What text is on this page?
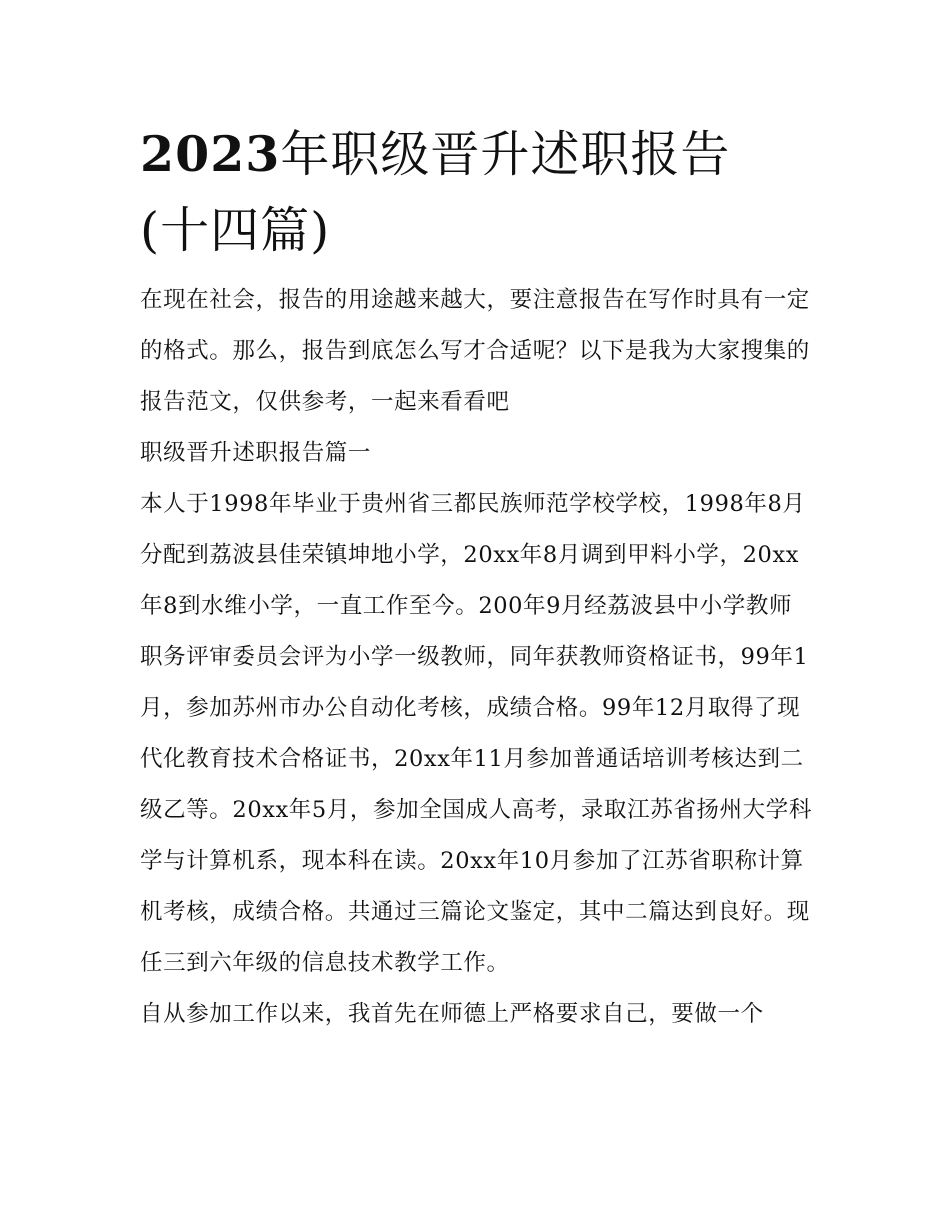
2023年职级晋升述职报告(十四篇)

在现在社会，报告的用途越来越大，要注意报告在写作时具有一定的格式。那么，报告到底怎么写才合适呢？以下是我为大家搜集的报告范文，仅供参考，一起来看看吧

职级晋升述职报告篇一

本人于1998年毕业于贵州省三都民族师范学校学校，1998年8月分配到荔波县佳荣镇坤地小学，20xx年8月调到甲料小学，20xx年8到水维小学，一直工作至今。200年9月经荔波县中小学教师职务评审委员会评为小学一级教师，同年获教师资格证书，99年1月，参加苏州市办公自动化考核，成绩合格。99年12月取得了现代化教育技术合格证书，20xx年11月参加普通话培训考核达到二级乙等。20xx年5月，参加全国成人高考，录取江苏省扬州大学科学与计算机系，现本科在读。20xx年10月参加了江苏省职称计算机考核，成绩合格。共通过三篇论文鉴定，其中二篇达到良好。现任三到六年级的信息技术教学工作。

自从参加工作以来，我首先在师德上严格要求自己，要做一个
